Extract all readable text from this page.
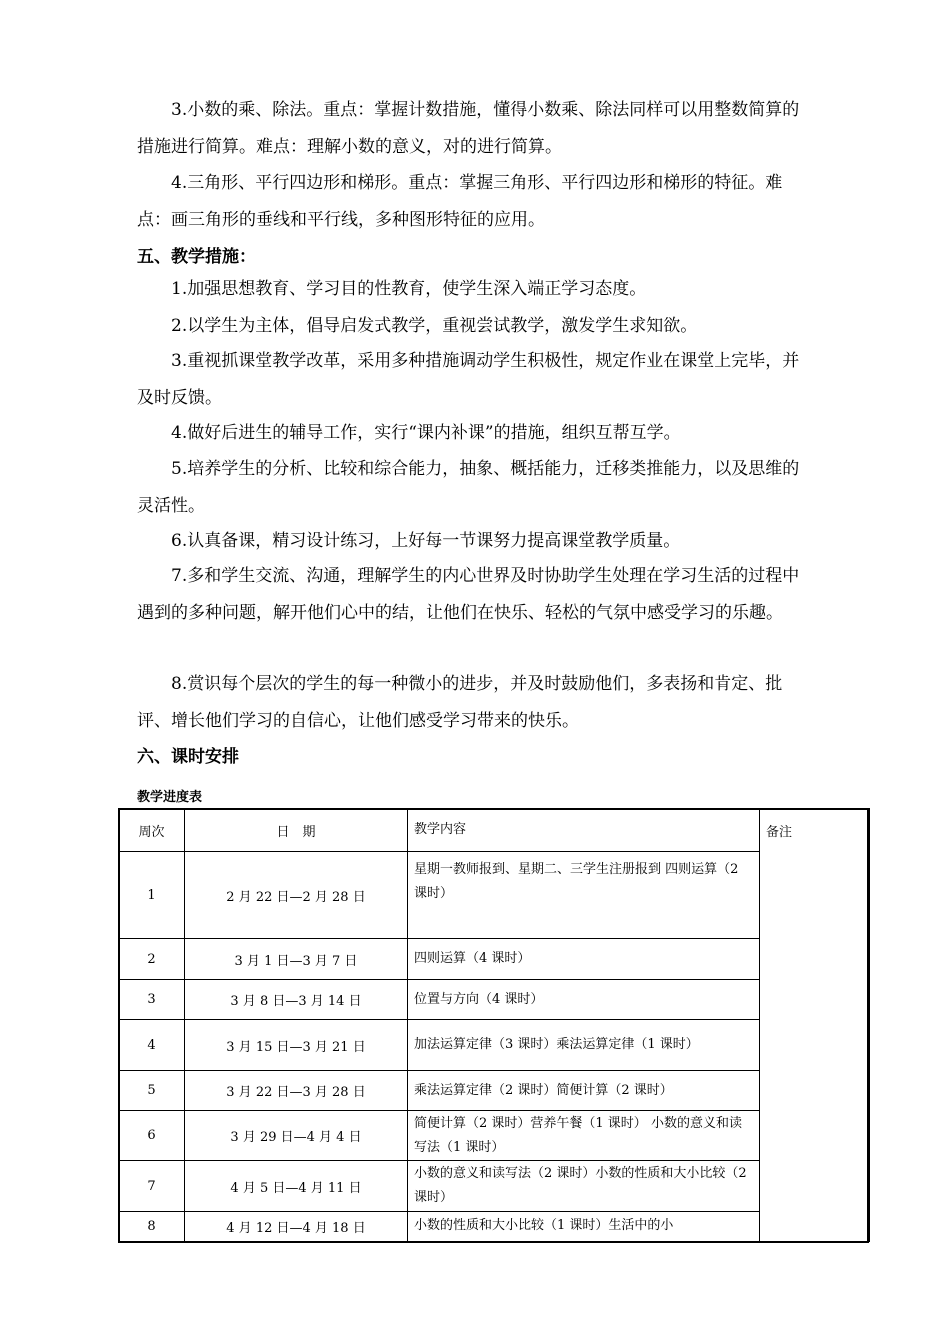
3.小数的乘、除法。重点：掌握计数措施，懂得小数乘、除法同样可以用整数简算的措施进行简算。难点：理解小数的意义，对的进行简算。

4.三角形、平行四边形和梯形。重点：掌握三角形、平行四边形和梯形的特征。难点：画三角形的垂线和平行线，多种图形特征的应用。

五、教学措施：

1.加强思想教育、学习目的性教育，使学生深入端正学习态度。

2.以学生为主体，倡导启发式教学，重视尝试教学，激发学生求知欲。

3.重视抓课堂教学改革，采用多种措施调动学生积极性，规定作业在课堂上完毕，并及时反馈。

4.做好后进生的辅导工作，实行“课内补课”的措施，组织互帮互学。

5.培养学生的分析、比较和综合能力，抽象、概括能力，迁移类推能力，以及思维的灵活性。

6.认真备课，精习设计练习，上好每一节课努力提高课堂教学质量。

7.多和学生交流、沟通，理解学生的内心世界及时协助学生处理在学习生活的过程中遇到的多种问题，解开他们心中的结，让他们在快乐、轻松的气氛中感受学习的乐趣。

8.赏识每个层次的学生的每一种微小的进步，并及时鼓励他们，多表扬和肯定、批评、增长他们学习的自信心，让他们感受学习带来的快乐。

六、课时安排

教学进度表

周次	日　期	教学内容	备注
1	2 月 22 日—2 月 28 日	星期一教师报到、星期二、三学生注册报到 四则运算（2 课时）	
2	3 月 1 日—3 月 7 日	四则运算（4 课时）	
3	3 月 8 日—3 月 14 日	位置与方向（4 课时）	
4	3 月 15 日—3 月 21 日	加法运算定律（3 课时）乘法运算定律（1 课时）	
5	3 月 22 日—3 月 28 日	乘法运算定律（2 课时）简便计算（2 课时）	
6	3 月 29 日—4 月 4 日	简便计算（2 课时）营养午餐（1 课时） 小数的意义和读写法（1 课时）	
7	4 月 5 日—4 月 11 日	小数的意义和读写法（2 课时）小数的性质和大小比较（2 课时）	
8	4 月 12 日—4 月 18 日	小数的性质和大小比较（1 课时）生活中的小	
